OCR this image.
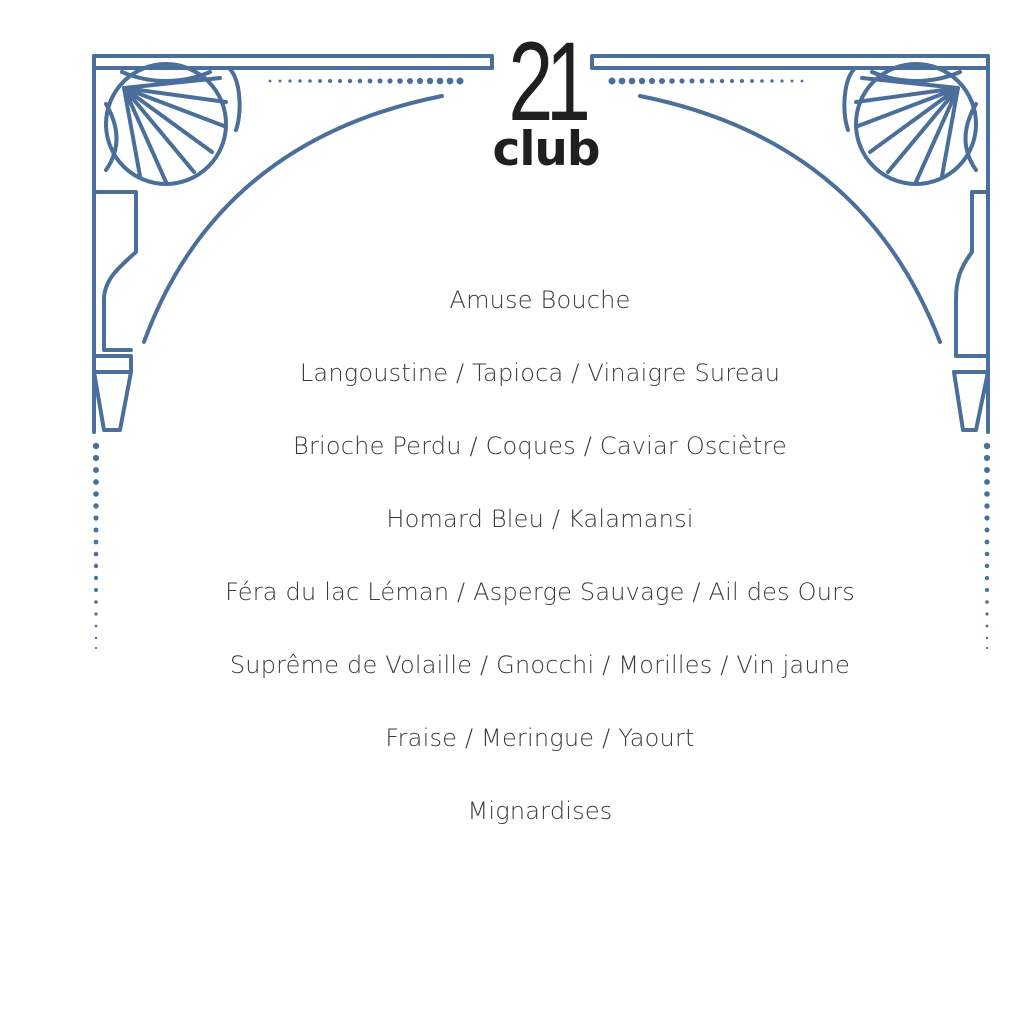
21
club
Amuse Bouche
Langoustine / Tapioca / Vinaigre Sureau
Brioche Perdu / Coques / Caviar Osciètre
Homard Bleu / Kalamansi
Féra du lac Léman / Asperge Sauvage / Ail des Ours
Suprême de Volaille / Gnocchi / Morilles / Vin jaune
Fraise / Meringue / Yaourt
Mignardises
